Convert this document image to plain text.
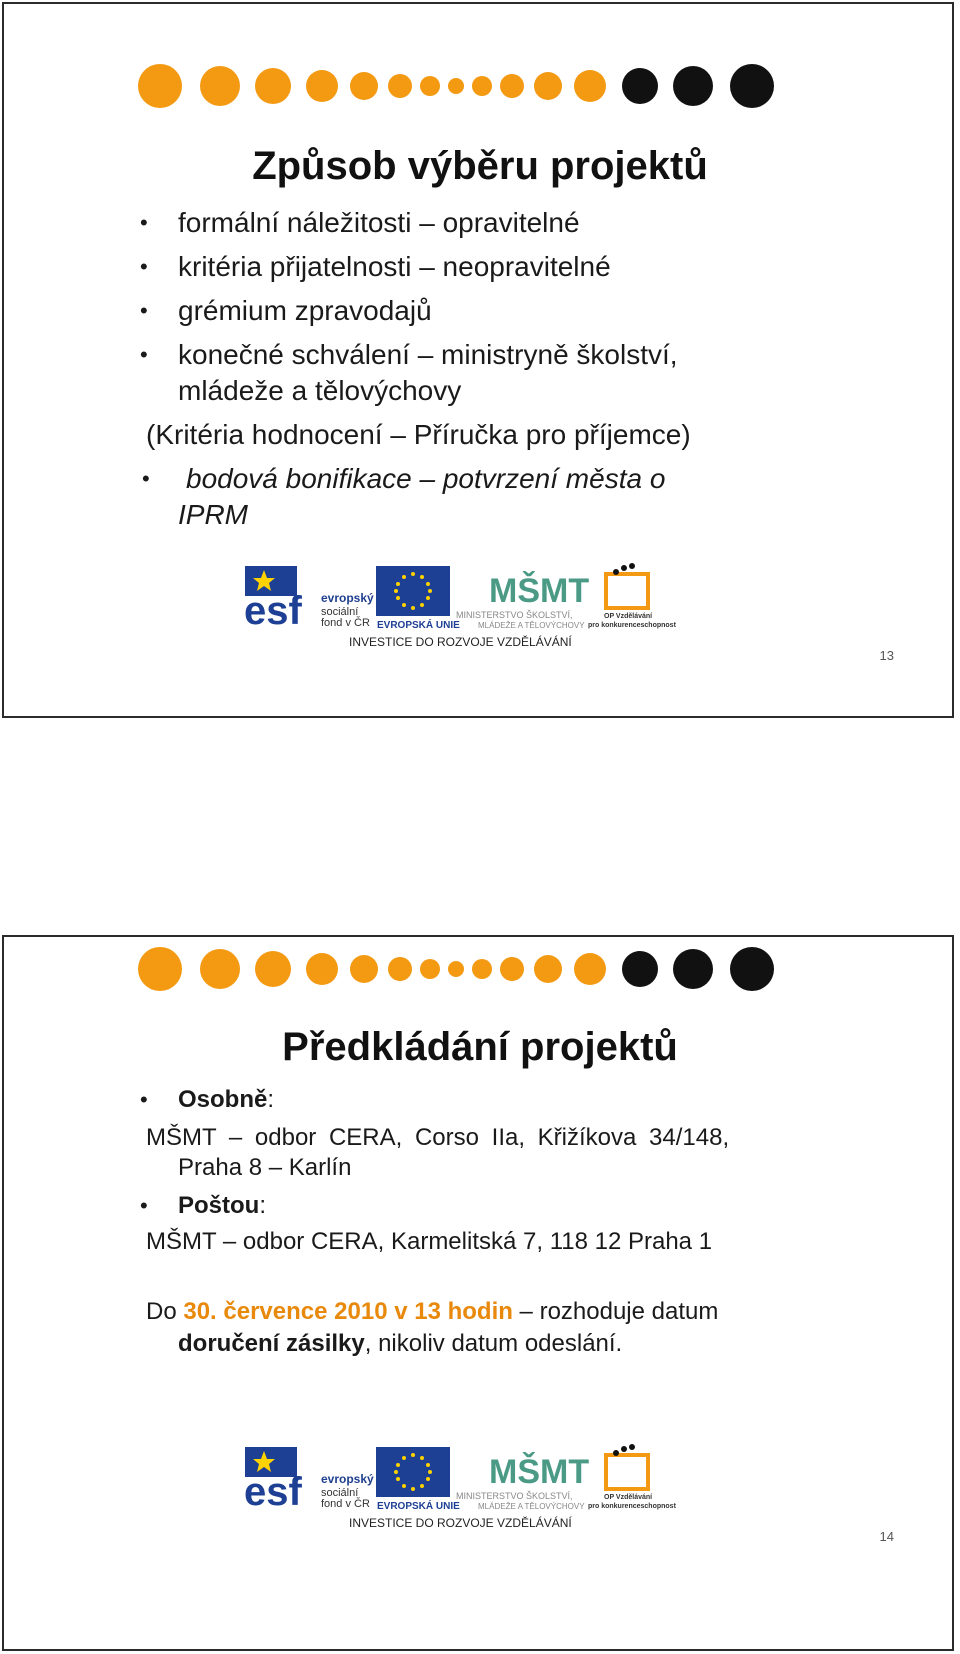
Způsob výběru projektů
• formální náležitosti – opravitelné
• kritéria přijatelnosti – neopravitelné
• grémium zpravodajů
• konečné schválení – ministryně školství,
mládeže a tělovýchovy
(Kritéria hodnocení – Příručka pro příjemce)
• bodová bonifikace – potvrzení města o
IPRM
esf evropský
sociální
fond v ČR EVROPSKÁ UNIE
MŠMT
MINISTERSTVO ŠKOLSTVÍ,
MLÁDEŽE A TĚLOVÝCHOVY
OP Vzdělávání
pro konkurenceschopnost
INVESTICE DO ROZVOJE VZDĚLÁVÁNÍ
13
Předkládání projektů
• Osobně:
MŠMT – odbor CERA, Corso IIa, Křižíkova 34/148,
Praha 8 – Karlín
• Poštou:
MŠMT – odbor CERA, Karmelitská 7, 118 12 Praha 1
Do 30. července 2010 v 13 hodin – rozhoduje datum
doručení zásilky, nikoliv datum odeslání.
esf evropský
sociální
fond v ČR EVROPSKÁ UNIE
MŠMT
MINISTERSTVO ŠKOLSTVÍ,
MLÁDEŽE A TĚLOVÝCHOVY
OP Vzdělávání
pro konkurenceschopnost
INVESTICE DO ROZVOJE VZDĚLÁVÁNÍ
14
